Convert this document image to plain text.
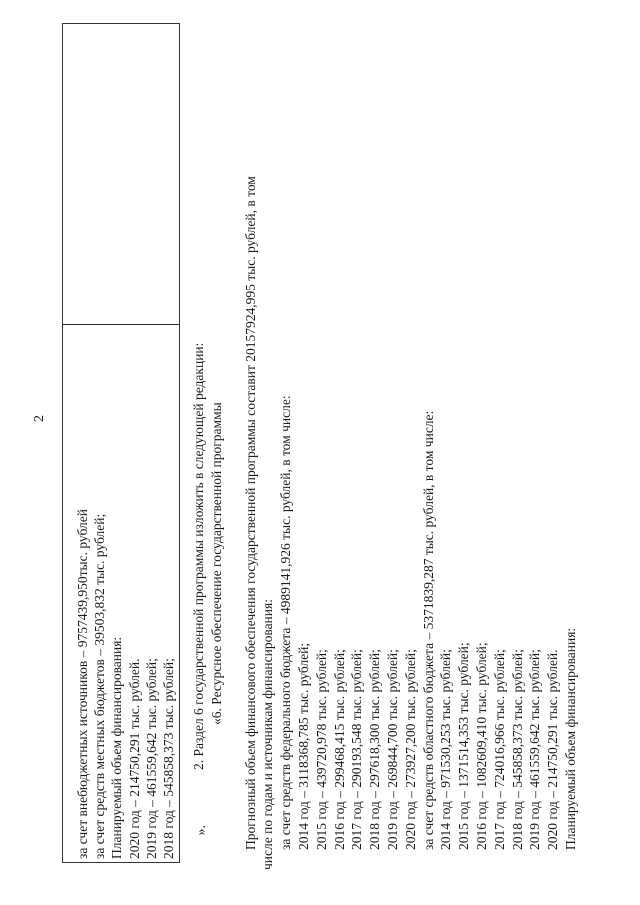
2
за счет внебюджетных источников – 9757439,950тыс. рублей за счет средств местных бюджетов – 39503,832 тыс. рублей; Планируемый объем финансирования: 2020 год – 214750,291 тыс. рублей. 2019 год – 461559,642 тыс. рублей; 2018 год – 545858,373 тыс. рублей; ».
2. Раздел 6 государственной программы изложить в следующей редакции: «6. Ресурсное обеспечение государственной программы Прогнозный объем финансового обеспечения государственной программы составит 20157924,995 тыс. рублей, в том числе по годам и источникам финансирования: за счет средств федерального бюджета – 4989141,926 тыс. рублей, в том числе: 2014 год – 3118368,785 тыс. рублей; 2015 год – 439720,978 тыс. рублей; 2016 год – 299468,415 тыс. рублей; 2017 год – 290193,548 тыс. рублей; 2018 год – 297618,300 тыс. рублей; 2019 год – 269844,700 тыс. рублей; 2020 год – 273927,200 тыс. рублей; за счет средств областного бюджета – 5371839,287 тыс. рублей, в том числе: 2014 год – 971530,253 тыс. рублей; 2015 год – 1371514,353 тыс. рублей; 2016 год – 1082609,410 тыс. рублей; 2017 год – 724016,966 тыс. рублей; 2018 год – 545858,373 тыс. рублей; 2019 год – 461559,642 тыс. рублей; 2020 год – 214750,291 тыс. рублей. Планируемый объем финансирования:
